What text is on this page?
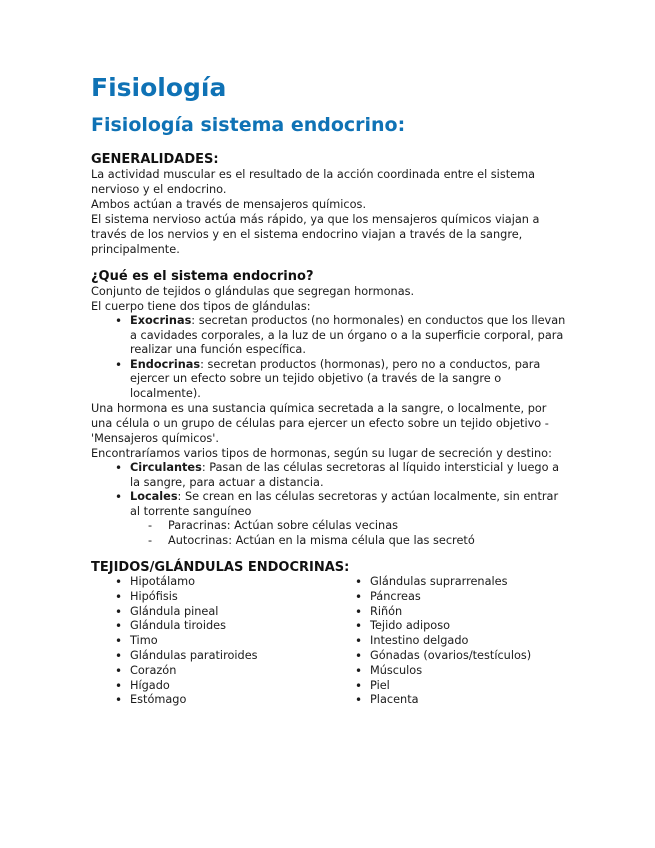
Fisiología
Fisiología sistema endocrino:
GENERALIDADES:

La actividad muscular es el resultado de la acción coordinada entre el sistema nervioso y el endocrino.

Ambos actúan a través de mensajeros químicos.

El sistema nervioso actúa más rápido, ya que los mensajeros químicos viajan a través de los nervios y en el sistema endocrino viajan a través de la sangre, principalmente.

¿Qué es el sistema endocrino?

Conjunto de tejidos o glándulas que segregan hormonas.

El cuerpo tiene dos tipos de glándulas:

• Exocrinas: secretan productos (no hormonales) en conductos que los llevan a cavidades corporales, a la luz de un órgano o a la superficie corporal, para realizar una función específica.
• Endocrinas: secretan productos (hormonas), pero no a conductos, para ejercer un efecto sobre un tejido objetivo (a través de la sangre o localmente).

Una hormona es una sustancia química secretada a la sangre, o localmente, por una célula o un grupo de células para ejercer un efecto sobre un tejido objetivo - 'Mensajeros químicos'.

Encontraríamos varios tipos de hormonas, según su lugar de secreción y destino:

• Circulantes: Pasan de las células secretoras al líquido intersticial y luego a la sangre, para actuar a distancia.
• Locales: Se crean en las células secretoras y actúan localmente, sin entrar al torrente sanguíneo
- Paracrinas: Actúan sobre células vecinas
- Autocrinas: Actúan en la misma célula que las secretó
TEJIDOS/GLÁNDULAS ENDOCRINAS:
• Hipotálamo
• Hipófisis
• Glándula pineal
• Glándula tiroides
• Timo
• Glándulas paratiroides
• Corazón
• Hígado
• Estómago
• Glándulas suprarrenales
• Páncreas
• Riñón
• Tejido adiposo
• Intestino delgado
• Gónadas (ovarios/testículos)
• Músculos
• Piel
• Placenta
